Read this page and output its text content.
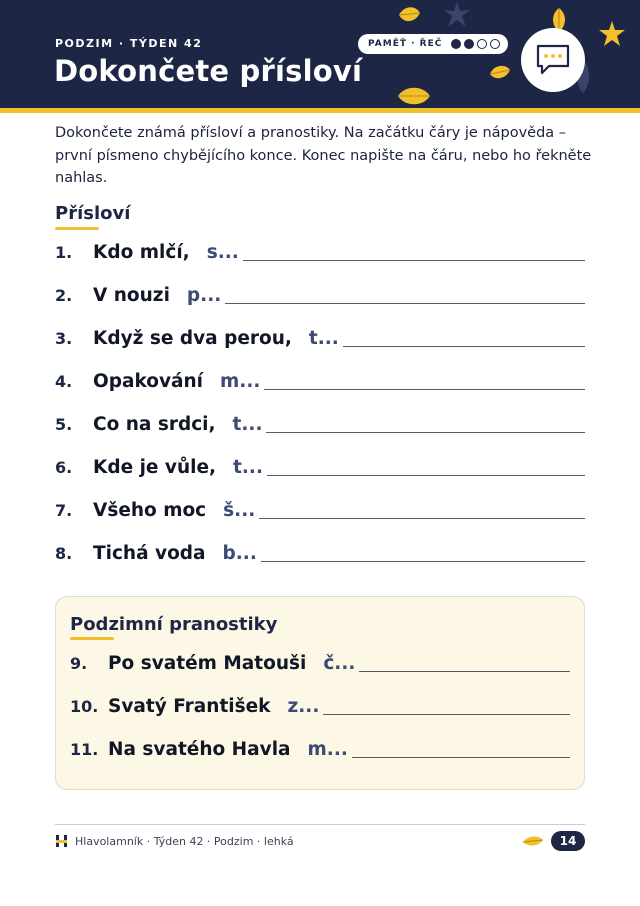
PODZIM · TÝDEN 42
Dokončete přísloví
PAMĚŤ · ŘEČ
Dokončete známá přísloví a pranostiky. Na začátku čáry je nápověda – první písmeno chybějícího konce. Konec napište na čáru, nebo ho řekněte nahlas.
Přísloví
1.	Kdo mlčí, s...
2.	V nouzi p...
3.	Když se dva perou, t...
4.	Opakování m...
5.	Co na srdci, t...
6.	Kde je vůle, t...
7.	Všeho moc š...
8.	Tichá voda b...
Podzimní pranostiky
9.	Po svatém Matouši č...
10. Svatý František z...
11. Na svatého Havla m...
Hlavolamník · Týden 42 · Podzim · lehká	14
